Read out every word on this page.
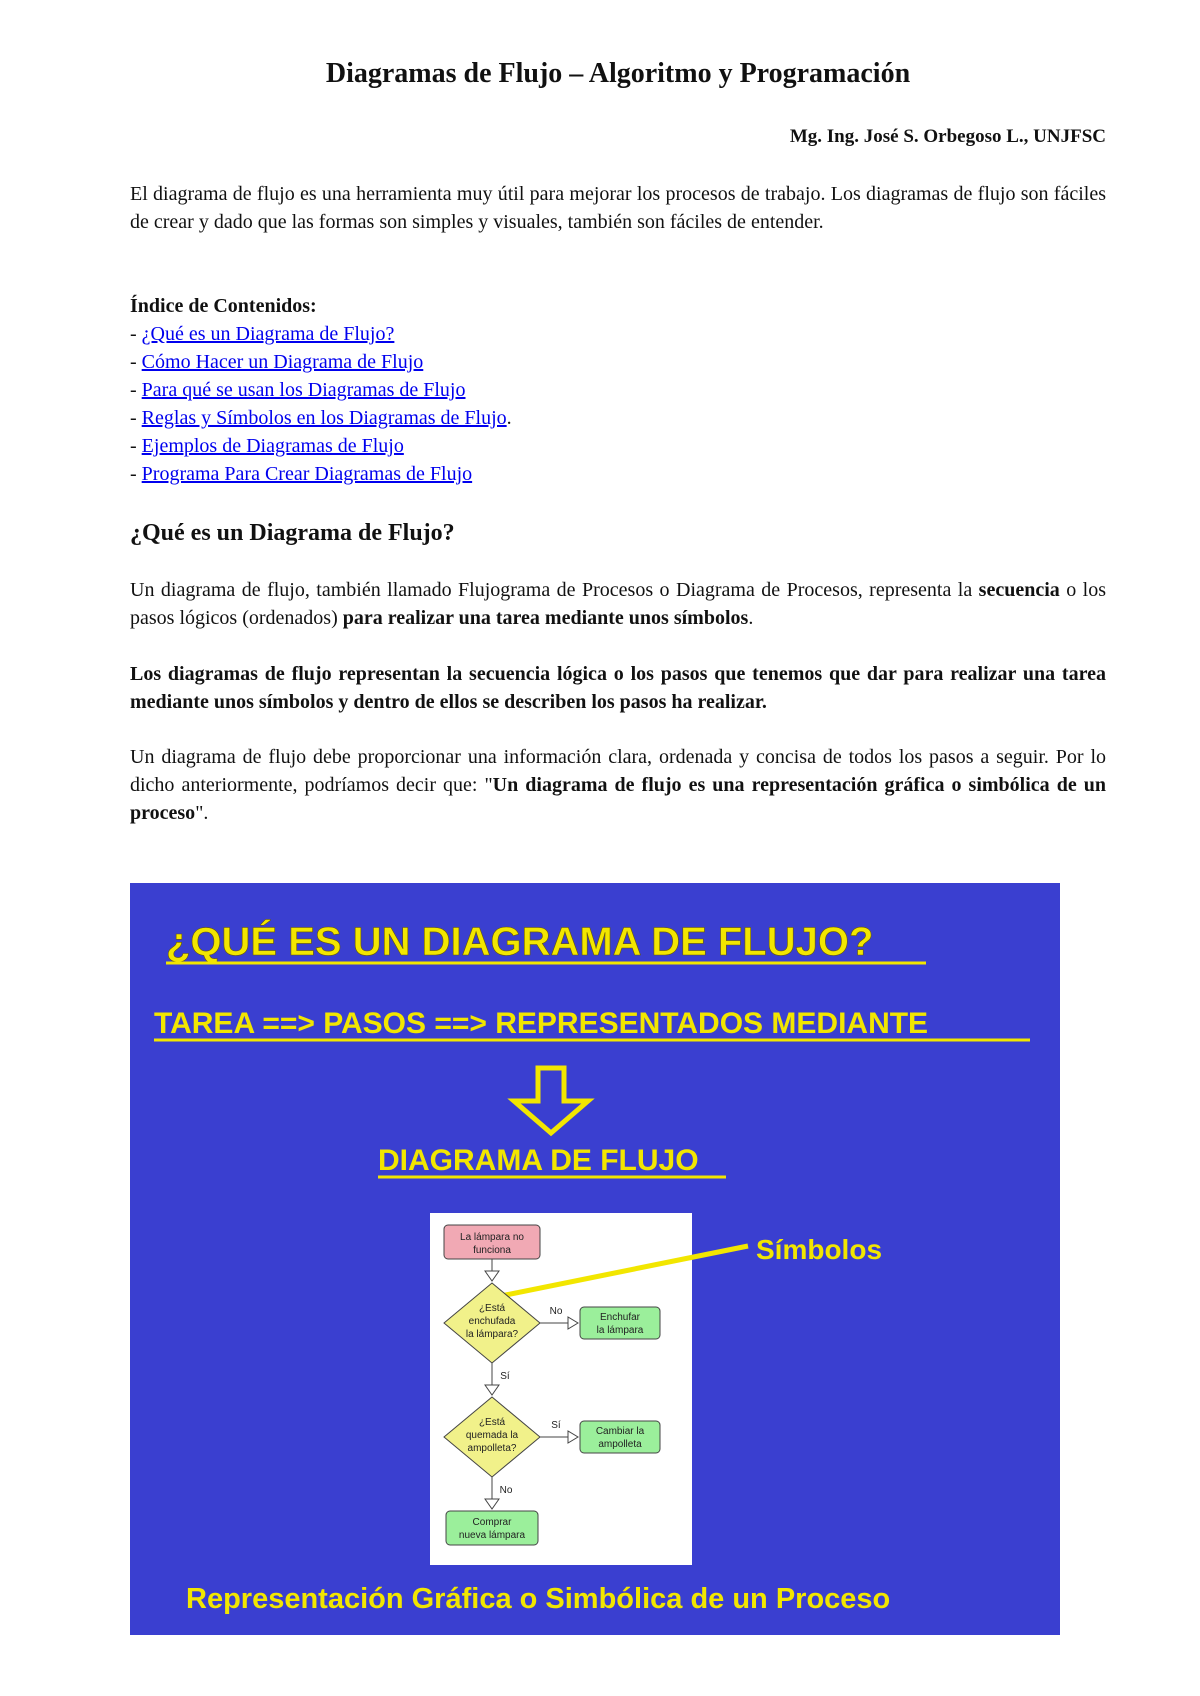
Diagramas de Flujo – Algoritmo y Programación
Mg. Ing. José S. Orbegoso L., UNJFSC

El diagrama de flujo es una herramienta muy útil para mejorar los procesos de trabajo. Los diagramas de flujo son fáciles de crear y dado que las formas son simples y visuales, también son fáciles de entender.

Índice de Contenidos:
- ¿Qué es un Diagrama de Flujo?
- Cómo Hacer un Diagrama de Flujo
- Para qué se usan los Diagramas de Flujo
- Reglas y Símbolos en los Diagramas de Flujo.
- Ejemplos de Diagramas de Flujo
- Programa Para Crear Diagramas de Flujo
¿Qué es un Diagrama de Flujo?

Un diagrama de flujo, también llamado Flujograma de Procesos o Diagrama de Procesos, representa la secuencia o los pasos lógicos (ordenados) para realizar una tarea mediante unos símbolos.

Los diagramas de flujo representan la secuencia lógica o los pasos que tenemos que dar para realizar una tarea mediante unos símbolos y dentro de ellos se describen los pasos ha realizar.

Un diagrama de flujo debe proporcionar una información clara, ordenada y concisa de todos los pasos a seguir. Por lo dicho anteriormente, podríamos decir que: "Un diagrama de flujo es una representación gráfica o simbólica de un proceso".

¿QUÉ ES UN DIAGRAMA DE FLUJO?
TAREA ==> PASOS ==> REPRESENTADOS MEDIANTE
DIAGRAMA DE FLUJO
Símbolos
Representación Gráfica o Simbólica de un Proceso
La lámpara no
funciona
¿Está
enchufada
la lámpara?
No
Enchufar
la lámpara
Sí
¿Está
quemada la
ampolleta?
Sí
Cambiar la
ampolleta
No
Comprar
nueva lámpara
